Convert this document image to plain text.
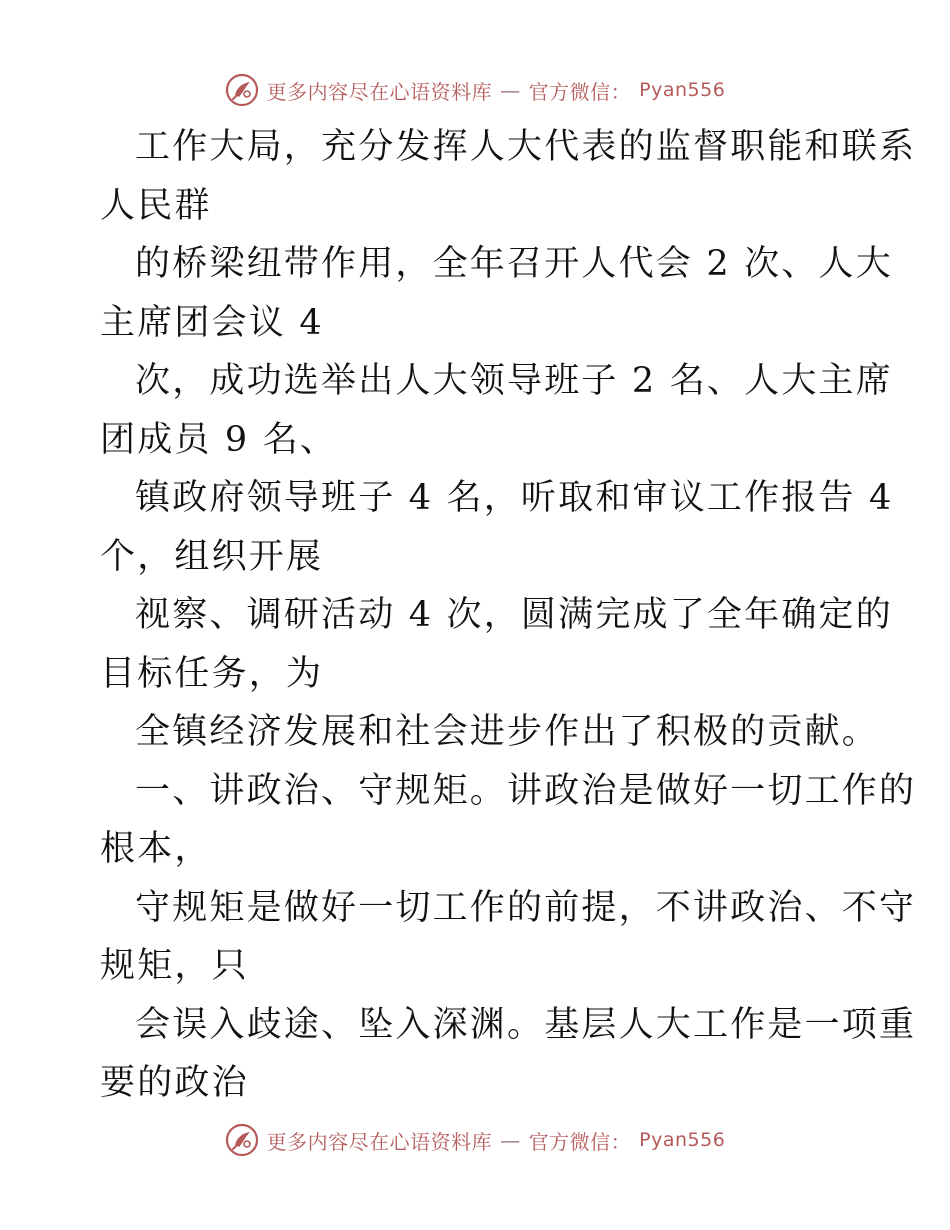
更多内容尽在心语资料库 — 官方微信： Pyan556
工作大局，充分发挥人大代表的监督职能和联系
人民群
的桥梁纽带作用，全年召开人代会 2 次、人大
主席团会议 4
次，成功选举出人大领导班子 2 名、人大主席
团成员 9 名、
镇政府领导班子 4 名，听取和审议工作报告 4
个，组织开展
视察、调研活动 4 次，圆满完成了全年确定的
目标任务，为
全镇经济发展和社会进步作出了积极的贡献。
一、讲政治、守规矩。讲政治是做好一切工作的
根本，
守规矩是做好一切工作的前提，不讲政治、不守
规矩，只
会误入歧途、坠入深渊。基层人大工作是一项重
要的政治
更多内容尽在心语资料库 — 官方微信： Pyan556
